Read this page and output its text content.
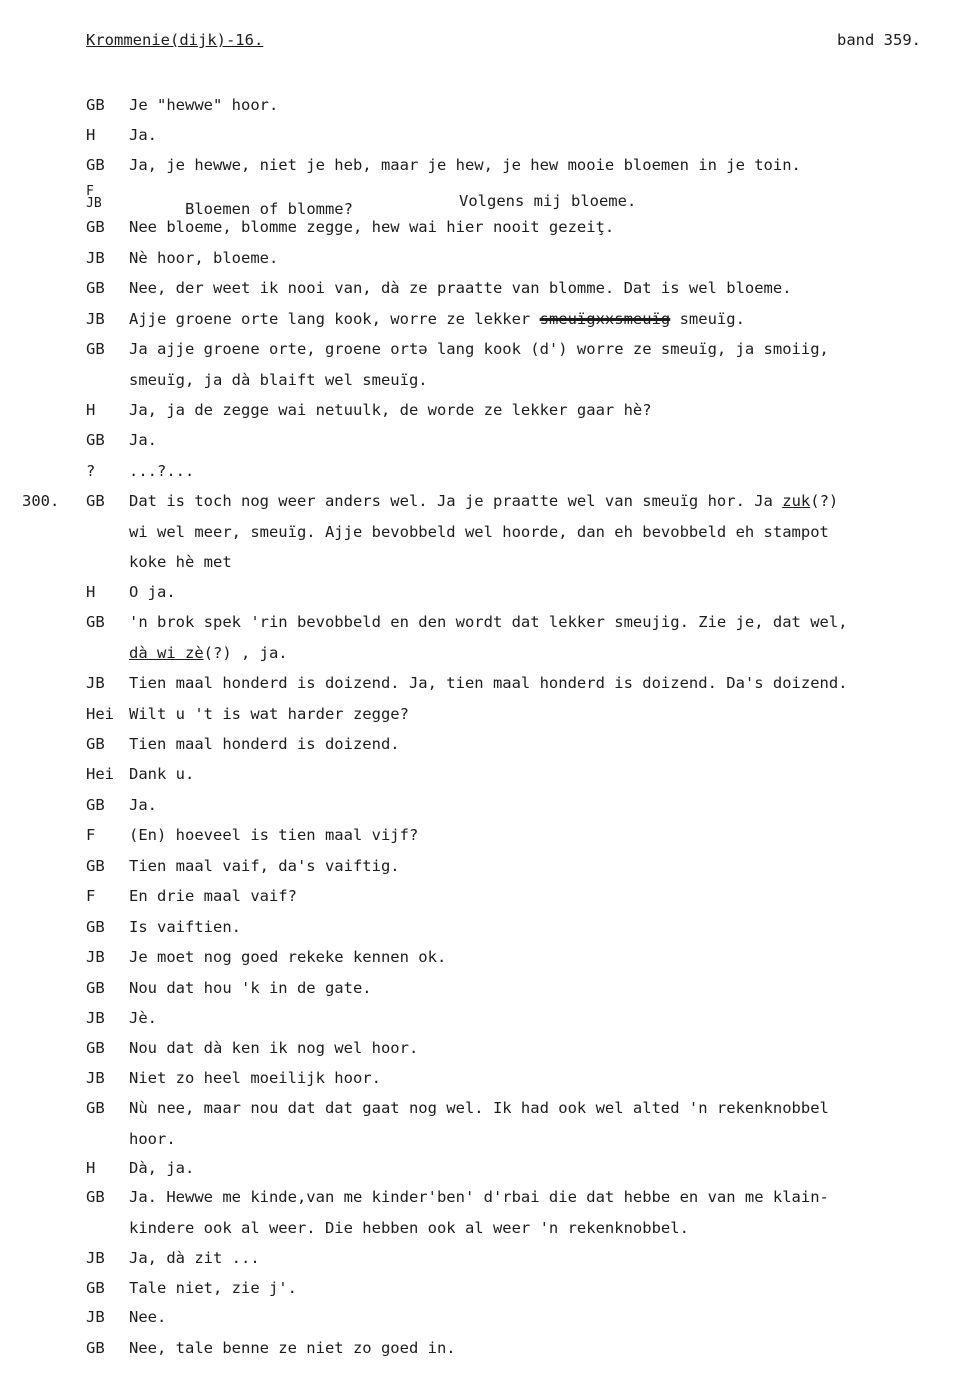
Krommenie(dijk)-16.	band 359.
GB Je "hewwe" hoor.
H Ja.
GB Ja, je hewwe, niet je heb, maar je hew, je hew mooie bloemen in je toin.
F
JB	Bloemen of blomme?
	Volgens mij bloeme.

GB Nee bloeme, blomme zegge, hew wai hier nooit gezeiţ.
JB Nè hoor, bloeme.
GB Nee, der weet ik nooi van, dà ze praatte van blomme. Dat is wel bloeme.
JB Ajje groene orte lang kook, worre ze lekker smeuïgxxsmeuïg smeuïg.
GB Ja ajje groene orte, groene ortə lang kook (d') worre ze smeuïg, ja smoiig,
smeuïg, ja dà blaift wel smeuïg.
H Ja, ja de zegge wai netuulk, de worde ze lekker gaar hè?
GB Ja.
? ...?...
300. GB Dat is toch nog weer anders wel. Ja je praatte wel van smeuïg hor. Ja zuk(?)
wi wel meer, smeuïg. Ajje bevobbeld wel hoorde, dan eh bevobbeld eh stampot
koke hè met
H O ja.
GB 'n brok spek 'rin bevobbeld en den wordt dat lekker smeujig. Zie je, dat wel,
dà wi zè(?) , ja.
JB Tien maal honderd is doizend. Ja, tien maal honderd is doizend. Da's doizend.
Hei Wilt u 't is wat harder zegge?
GB Tien maal honderd is doizend.
Hei Dank u.
GB Ja.
F (En) hoeveel is tien maal vijf?
GB Tien maal vaif, da's vaiftig.
F En drie maal vaif?
GB Is vaiftien.
JB Je moet nog goed rekeke kennen ok.
GB Nou dat hou 'k in de gate.
JB Jè.
GB Nou dat dà ken ik nog wel hoor.
JB Niet zo heel moeilijk hoor.
GB Nù nee, maar nou dat dat gaat nog wel. Ik had ook wel alted 'n rekenknobbel
hoor.
H Dà, ja.
GB Ja. Hewwe me kinde,van me kinder'ben' d'rbai die dat hebbe en van me klain-
kindere ook al weer. Die hebben ook al weer 'n rekenknobbel.
JB Ja, dà zit ...
GB Tale niet, zie j'.
JB Nee.
GB Nee, tale benne ze niet zo goed in.
